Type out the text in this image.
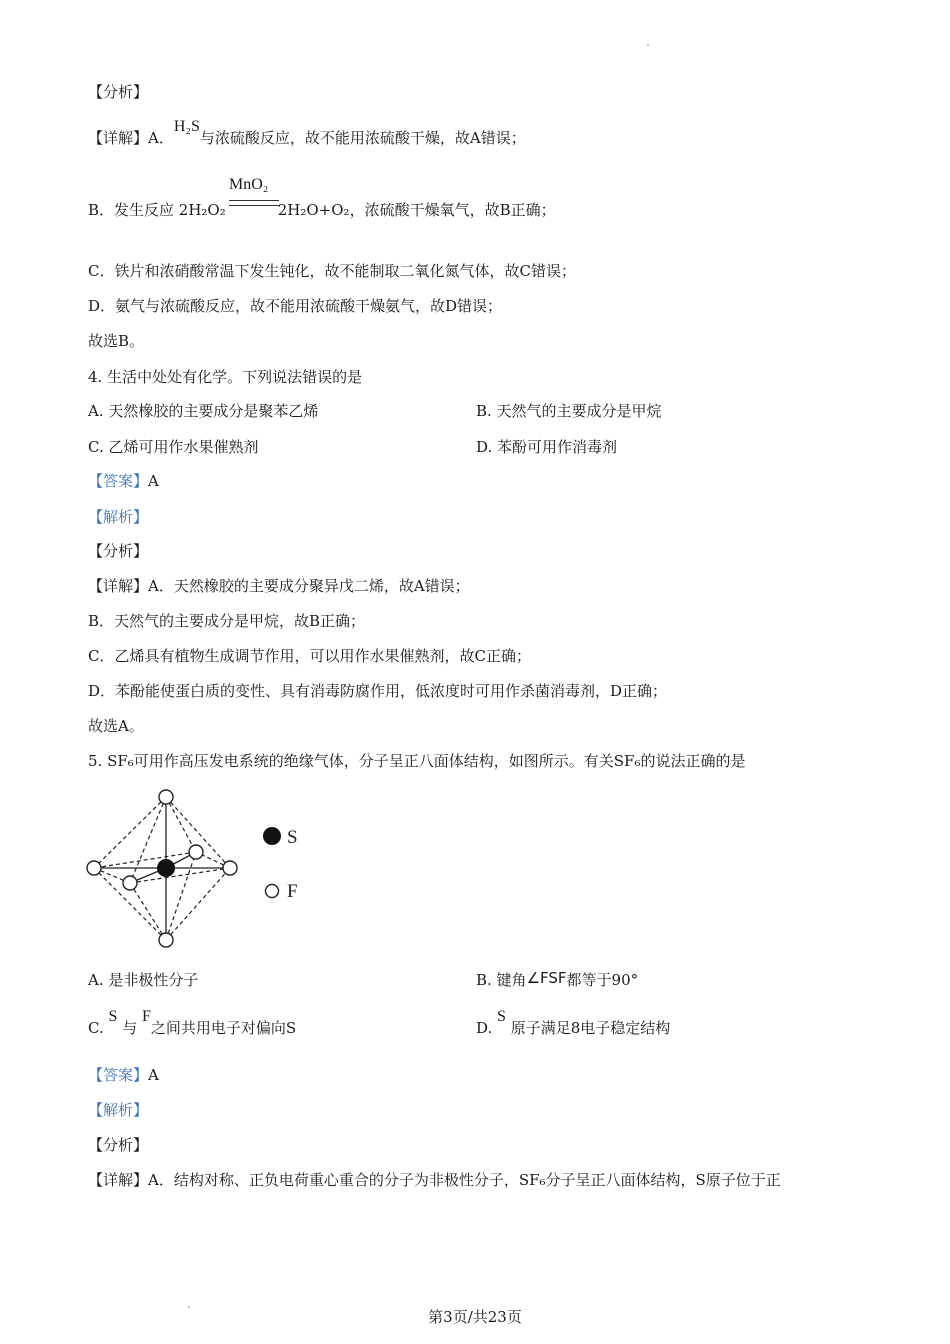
【分析】
【详解】A．H₂S与浓硫酸反应，故不能用浓硫酸干燥，故A错误；
MnO₂
B．发生反应 2H₂O₂	2H₂O+O₂，浓硫酸干燥氧气，故B正确；
C．铁片和浓硝酸常温下发生钝化，故不能制取二氧化氮气体，故C错误；
D．氨气与浓硫酸反应，故不能用浓硫酸干燥氨气，故D错误；
故选B。
4. 生活中处处有化学。下列说法错误的是
A. 天然橡胶的主要成分是聚苯乙烯	B. 天然气的主要成分是甲烷
C. 乙烯可用作水果催熟剂	D. 苯酚可用作消毒剂
【答案】A
【解析】
【分析】
【详解】A．天然橡胶的主要成分聚异戊二烯，故A错误；
B．天然气的主要成分是甲烷，故B正确；
C．乙烯具有植物生成调节作用，可以用作水果催熟剂，故C正确；
D．苯酚能使蛋白质的变性、具有消毒防腐作用，低浓度时可用作杀菌消毒剂，D正确；
故选A。
5. SF₆可用作高压发电系统的绝缘气体，分子呈正八面体结构，如图所示。有关SF₆的说法正确的是
S
F
A. 是非极性分子	B. 键角∠FSF都等于90°
C. S 与 F之间共用电子对偏向S	D. S 原子满足8电子稳定结构
【答案】A
【解析】
【分析】
【详解】A．结构对称、正负电荷重心重合的分子为非极性分子，SF₆分子呈正八面体结构，S原子位于正
第3页/共23页
